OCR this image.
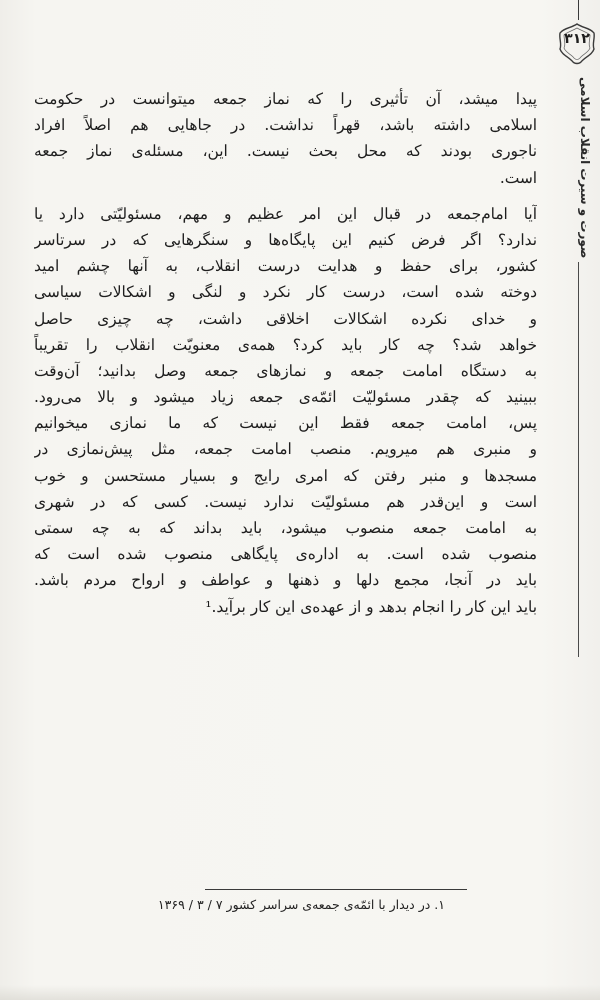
۳۱۲
صورت و سیرت انقلاب اسلامی
پیدا میشد، آن تأثیری را که نماز جمعه میتوانست در حکومت
اسلامی داشته باشد، قهراً نداشت. در جاهایی هم اصلاً افراد
ناجوری بودند که محل بحث نیست. این، مسئله‌ی نماز جمعه
است.
آیا امام‌جمعه در قبال این امر عظیم و مهم، مسئولیّتی دارد یا
ندارد؟ اگر فرض کنیم این پایگاه‌ها و سنگرهایی که در سرتاسر
کشور، برای حفظ و هدایت درست انقلاب، به آنها چشم امید
دوخته شده است، درست کار نکرد و لنگی و اشکالات سیاسی
و خدای نکرده اشکالات اخلاقی داشت، چه چیزی حاصل
خواهد شد؟ چه کار باید کرد؟ همه‌ی معنویّت انقلاب را تقریباً
به دستگاه امامت جمعه و نمازهای جمعه وصل بدانید؛ آن‌وقت
ببینید که چقدر مسئولیّت ائمّه‌ی جمعه زیاد میشود و بالا می‌رود.
پس، امامت جمعه فقط این نیست که ما نمازی میخوانیم
و منبری هم میرویم. منصب امامت جمعه، مثل پیش‌نمازی در
مسجدها و منبر رفتن که امری رایج و بسیار مستحسن و خوب
است و این‌قدر هم مسئولیّت ندارد نیست. کسی که در شهری
به امامت جمعه منصوب میشود، باید بداند که به چه سمتی
منصوب شده است. به اداره‌ی پایگاهی منصوب شده است که
باید در آنجا، مجمع دلها و ذهنها و عواطف و ارواح مردم باشد.
باید این کار را انجام بدهد و از عهده‌ی این کار برآید.¹
۱. در دیدار با ائمّه‌ی جمعه‌ی سراسر کشور ۷ / ۳ / ۱۳۶۹
